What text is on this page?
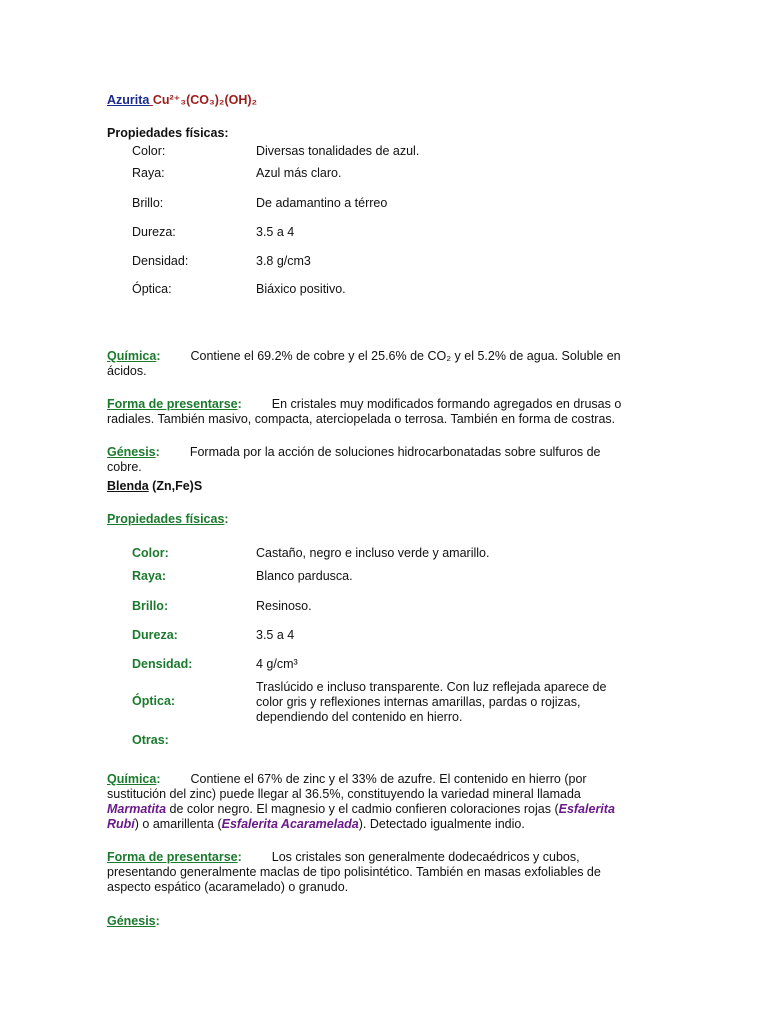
Azurita Cu²⁺₃(CO₃)₂(OH)₂
Propiedades físicas:
Color:	Diversas tonalidades de azul.
Raya:	Azul más claro.
Brillo:	De adamantino a térreo
Dureza:	3.5 a 4
Densidad:	3.8 g/cm3
Óptica:	Biáxico positivo.
Química: Contiene el 69.2% de cobre y el 25.6% de CO₂ y el 5.2% de agua. Soluble en ácidos.
Forma de presentarse: En cristales muy modificados formando agregados en drusas o radiales. También masivo, compacta, aterciopelada o terrosa. También en forma de costras.
Génesis: Formada por la acción de soluciones hidrocarbonatadas sobre sulfuros de cobre.
Blenda (Zn,Fe)S
Propiedades físicas:
Color:	Castaño, negro e incluso verde y amarillo.
Raya:	Blanco pardusca.
Brillo:	Resinoso.
Dureza:	3.5 a 4
Densidad:	4 g/cm³
Óptica:
Traslúcido e incluso transparente. Con luz reflejada aparece de color gris y reflexiones internas amarillas, pardas o rojizas, dependiendo del contenido en hierro.
Otras:
Química: Contiene el 67% de zinc y el 33% de azufre. El contenido en hierro (por sustitución del zinc) puede llegar al 36.5%, constituyendo la variedad mineral llamada Marmatita de color negro. El magnesio y el cadmio confieren coloraciones rojas (Esfalerita Rubí) o amarillenta (Esfalerita Acaramelada). Detectado igualmente indio.
Forma de presentarse: Los cristales son generalmente dodecaédricos y cubos, presentando generalmente maclas de tipo polisintético. También en masas exfoliables de aspecto espático (acaramelado) o granudo.
Génesis:
